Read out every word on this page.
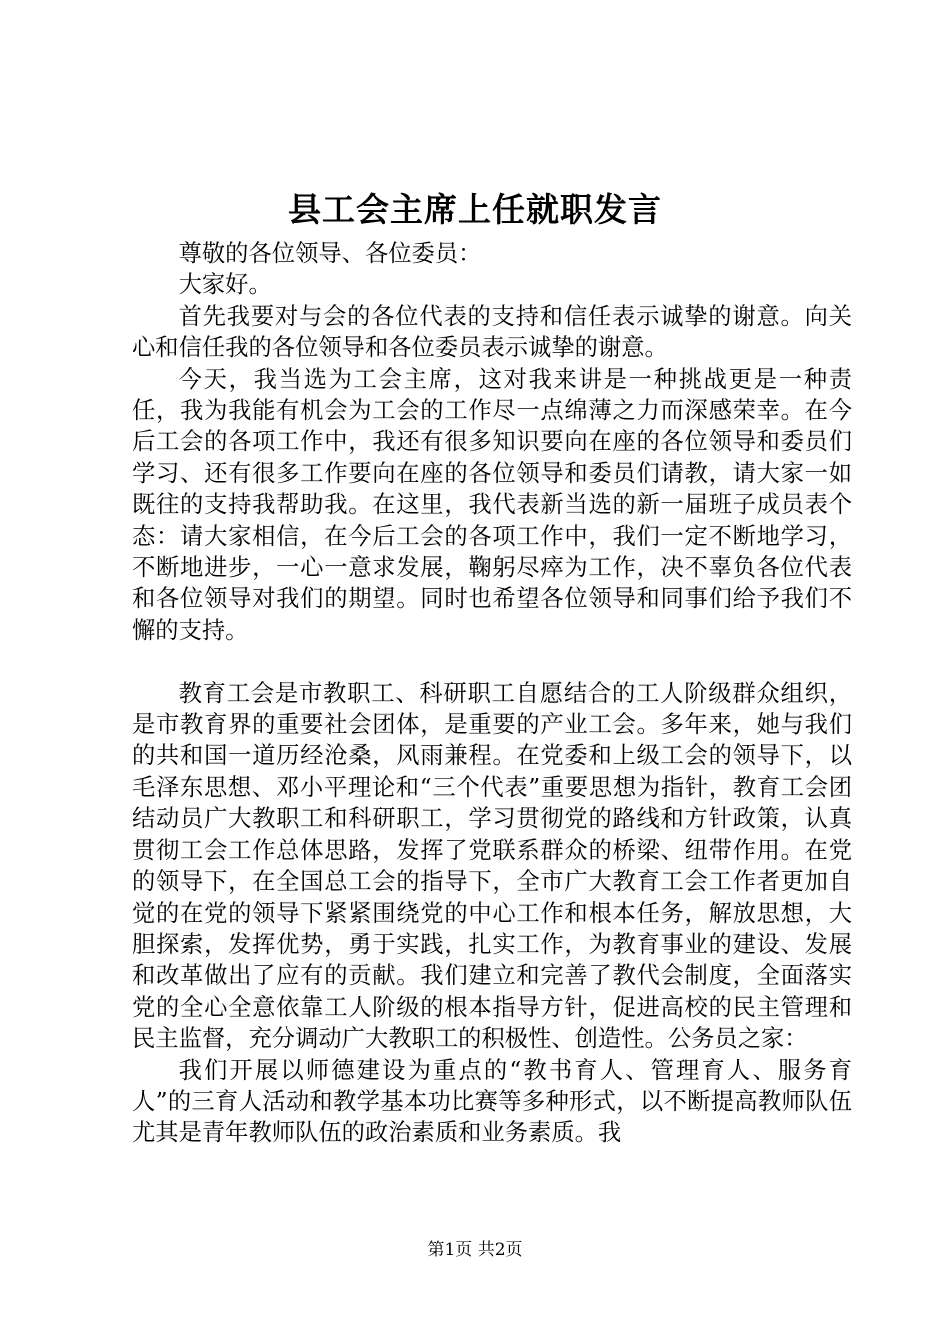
县工会主席上任就职发言

尊敬的各位领导、各位委员：

大家好。

首先我要对与会的各位代表的支持和信任表示诚挚的谢意。向关心和信任我的各位领导和各位委员表示诚挚的谢意。

今天，我当选为工会主席，这对我来讲是一种挑战更是一种责任，我为我能有机会为工会的工作尽一点绵薄之力而深感荣幸。在今后工会的各项工作中，我还有很多知识要向在座的各位领导和委员们学习、还有很多工作要向在座的各位领导和委员们请教，请大家一如既往的支持我帮助我。在这里，我代表新当选的新一届班子成员表个态：请大家相信，在今后工会的各项工作中，我们一定不断地学习，不断地进步，一心一意求发展，鞠躬尽瘁为工作，决不辜负各位代表和各位领导对我们的期望。同时也希望各位领导和同事们给予我们不懈的支持。

教育工会是市教职工、科研职工自愿结合的工人阶级群众组织，是市教育界的重要社会团体，是重要的产业工会。多年来，她与我们的共和国一道历经沧桑，风雨兼程。在党委和上级工会的领导下，以毛泽东思想、邓小平理论和“三个代表”重要思想为指针，教育工会团结动员广大教职工和科研职工，学习贯彻党的路线和方针政策，认真贯彻工会工作总体思路，发挥了党联系群众的桥梁、纽带作用。在党的领导下，在全国总工会的指导下，全市广大教育工会工作者更加自觉的在党的领导下紧紧围绕党的中心工作和根本任务，解放思想，大胆探索，发挥优势，勇于实践，扎实工作，为教育事业的建设、发展和改革做出了应有的贡献。我们建立和完善了教代会制度，全面落实党的全心全意依靠工人阶级的根本指导方针，促进高校的民主管理和民主监督，充分调动广大教职工的积极性、创造性。公务员之家：

我们开展以师德建设为重点的“教书育人、管理育人、服务育人”的三育人活动和教学基本功比赛等多种形式，以不断提高教师队伍尤其是青年教师队伍的政治素质和业务素质。我

第1页 共2页
